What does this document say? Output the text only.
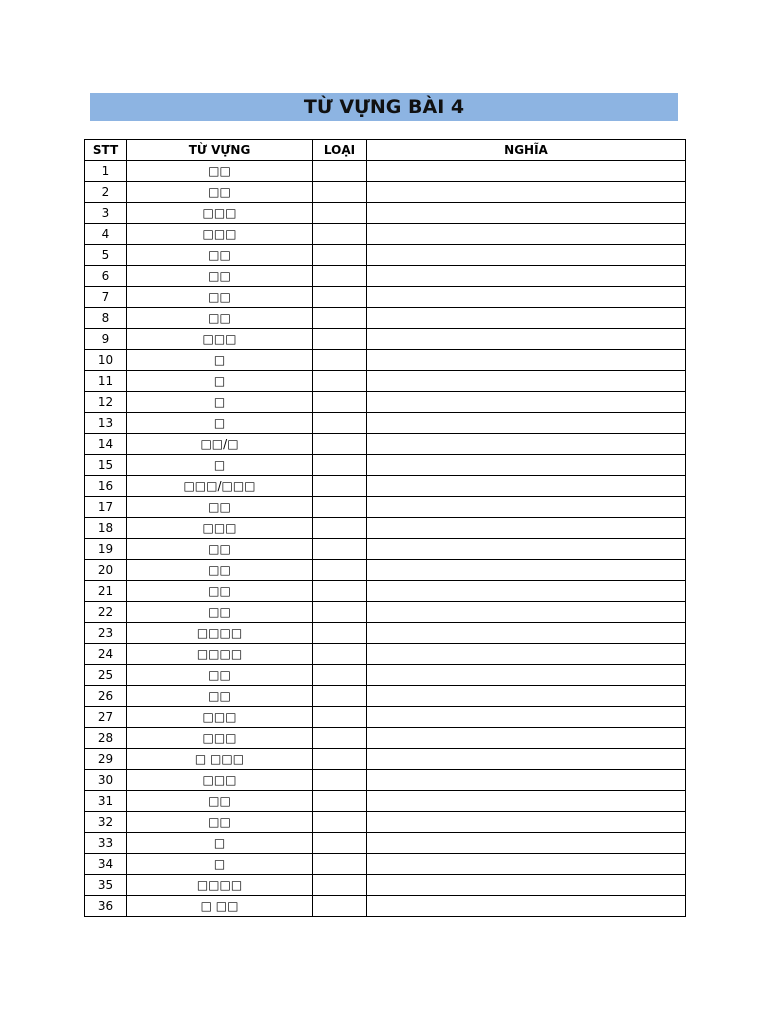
TỪ VỰNG BÀI 4
STT	TỪ VỰNG	LOẠI	NGHĨA
1	□□		
2	□□		
3	□□□		
4	□□□		
5	□□		
6	□□		
7	□□		
8	□□		
9	□□□		
10	□		
11	□		
12	□		
13	□		
14	□□/□		
15	□		
16	□□□/□□□		
17	□□		
18	□□□		
19	□□		
20	□□		
21	□□		
22	□□		
23	□□□□		
24	□□□□		
25	□□		
26	□□		
27	□□□		
28	□□□		
29	□ □□□		
30	□□□		
31	□□		
32	□□		
33	□		
34	□		
35	□□□□		
36	□ □□		
